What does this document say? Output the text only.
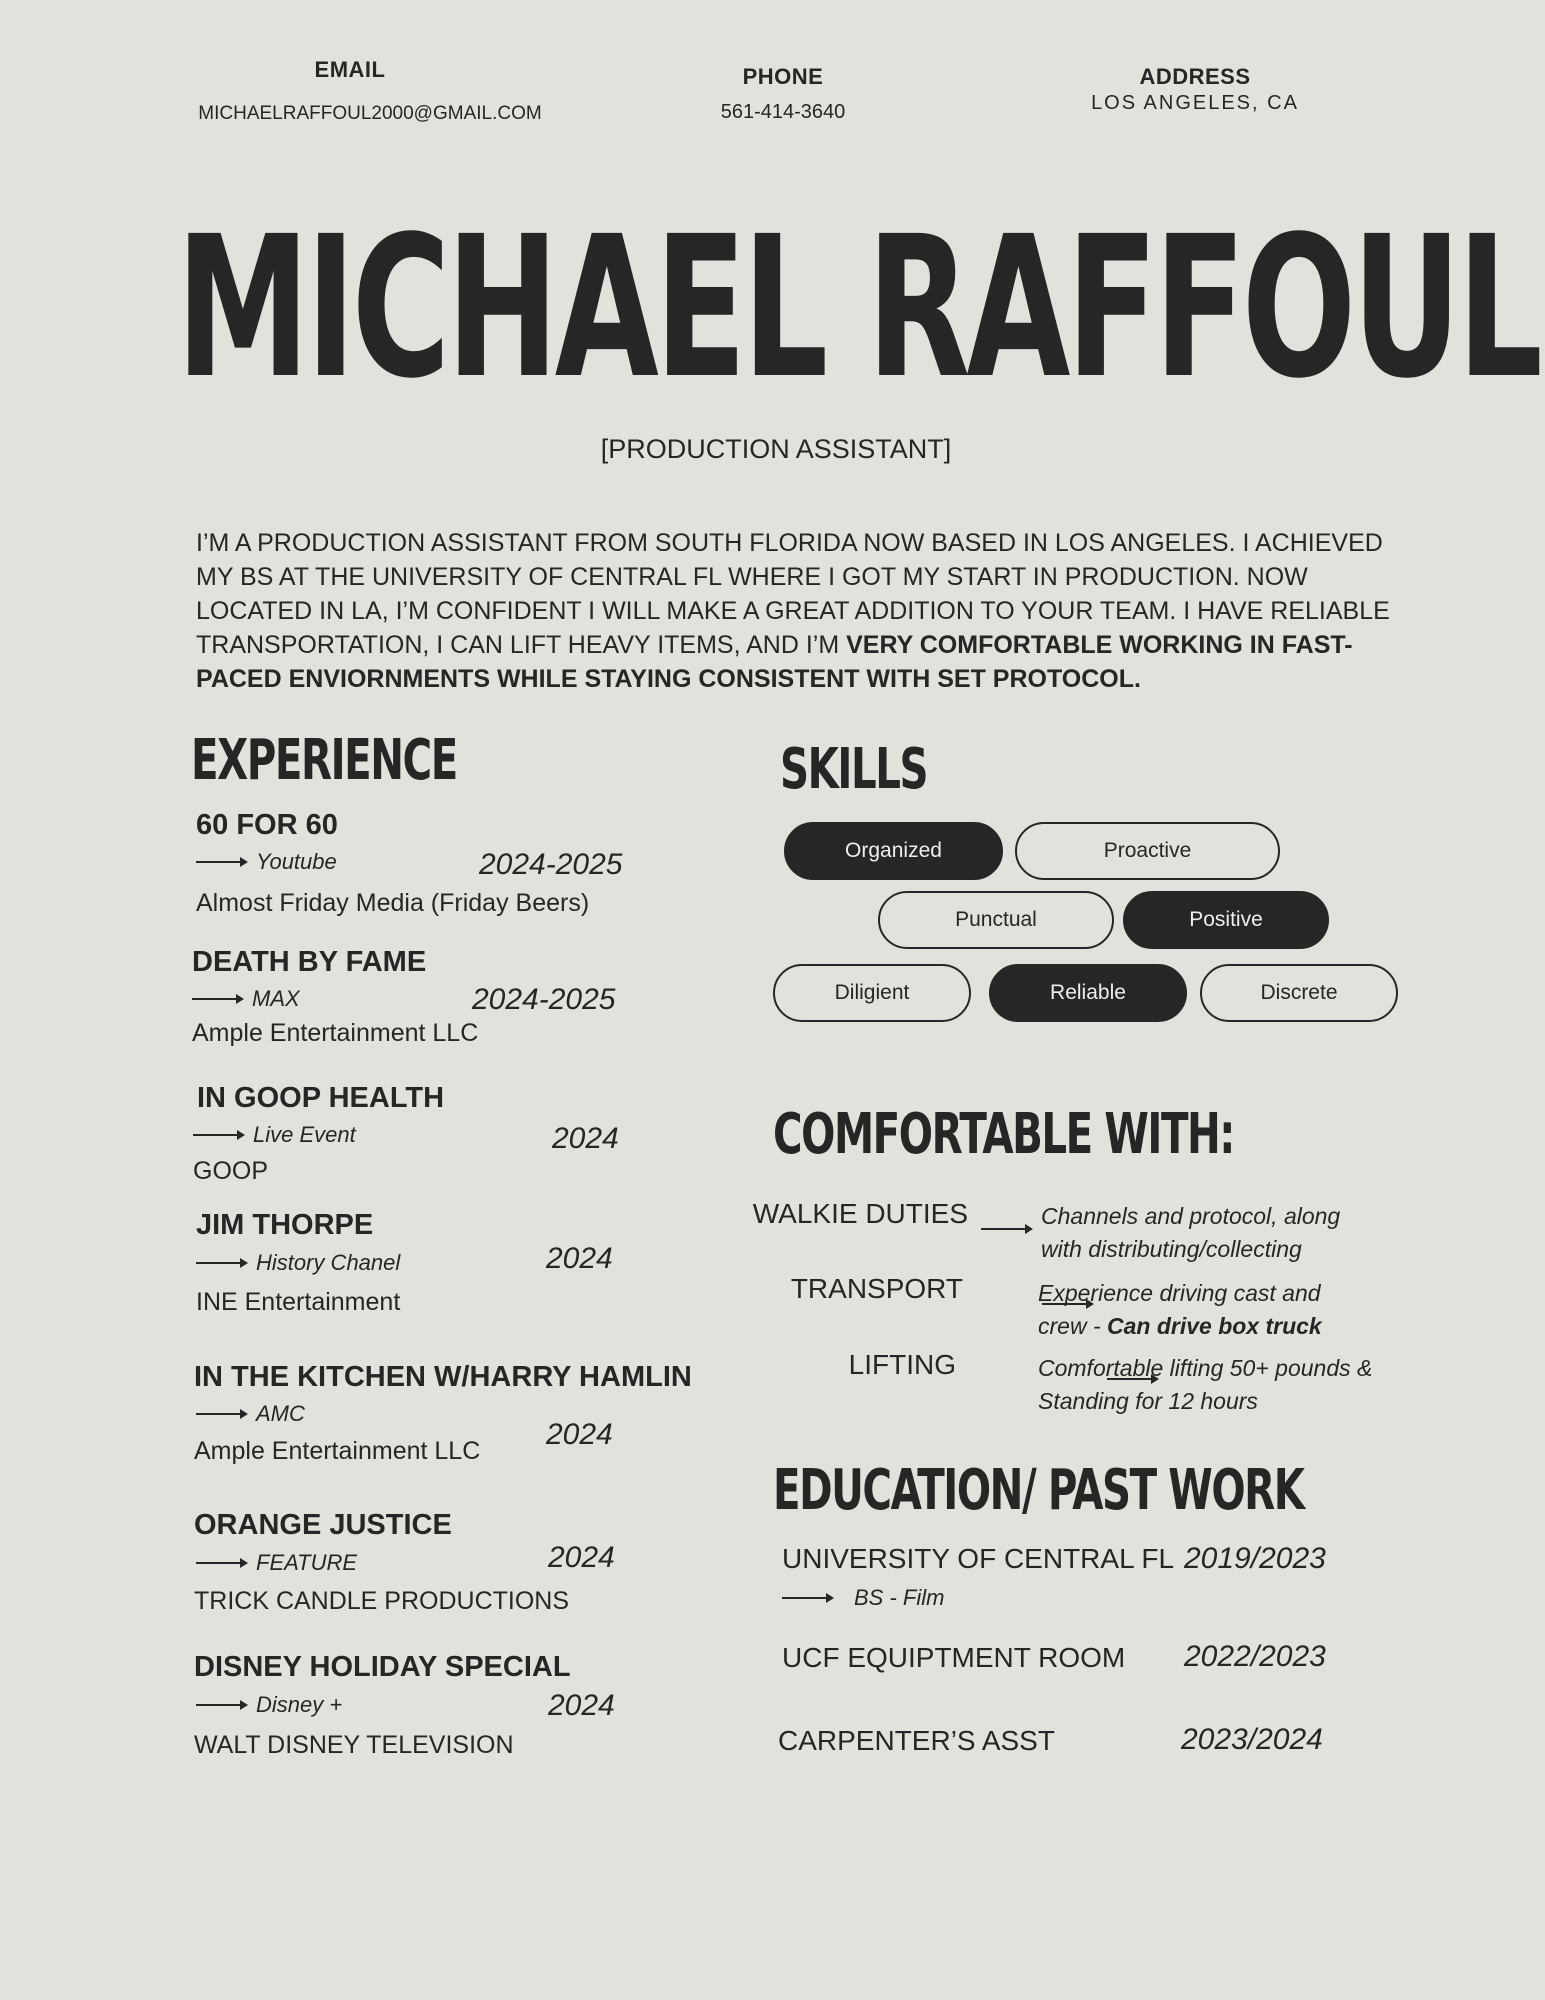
EMAIL
MICHAELRAFFOUL2000@GMAIL.COM
PHONE
561-414-3640
ADDRESS
LOS ANGELES, CA
MICHAEL RAFFOUL
[PRODUCTION ASSISTANT]
I’M A PRODUCTION ASSISTANT FROM SOUTH FLORIDA NOW BASED IN LOS ANGELES. I ACHIEVED MY BS AT THE UNIVERSITY OF CENTRAL FL WHERE I GOT MY START IN PRODUCTION. NOW LOCATED IN LA, I’M CONFIDENT I WILL MAKE A GREAT ADDITION TO YOUR TEAM. I HAVE RELIABLE TRANSPORTATION, I CAN LIFT HEAVY ITEMS, AND I’M VERY COMFORTABLE WORKING IN FAST-PACED ENVIORNMENTS WHILE STAYING CONSISTENT WITH SET PROTOCOL.
EXPERIENCE
60 FOR 60
Youtube	2024-2025
Almost Friday Media (Friday Beers)
DEATH BY FAME
MAX	2024-2025
Ample Entertainment LLC
IN GOOP HEALTH
Live Event	2024
GOOP
JIM THORPE
History Chanel	2024
INE Entertainment
IN THE KITCHEN W/HARRY HAMLIN
AMC
2024
Ample Entertainment LLC
ORANGE JUSTICE
FEATURE	2024
TRICK CANDLE PRODUCTIONS
DISNEY HOLIDAY SPECIAL
Disney +	2024
WALT DISNEY TELEVISION
SKILLS
Organized	Proactive
Punctual	Positive
Diligient	Reliable	Discrete
COMFORTABLE WITH:
WALKIE DUTIES
	Channels and protocol, along with distributing/collecting
TRANSPORT
	Experience driving cast and crew - Can drive box truck
LIFTING	Comfortable lifting 50+ pounds & Standing for 12 hours
EDUCATION/ PAST WORK
UNIVERSITY OF CENTRAL FL 2019/2023
BS - Film
UCF EQUIPTMENT ROOM 2022/2023
CARPENTER’S ASST	2023/2024
